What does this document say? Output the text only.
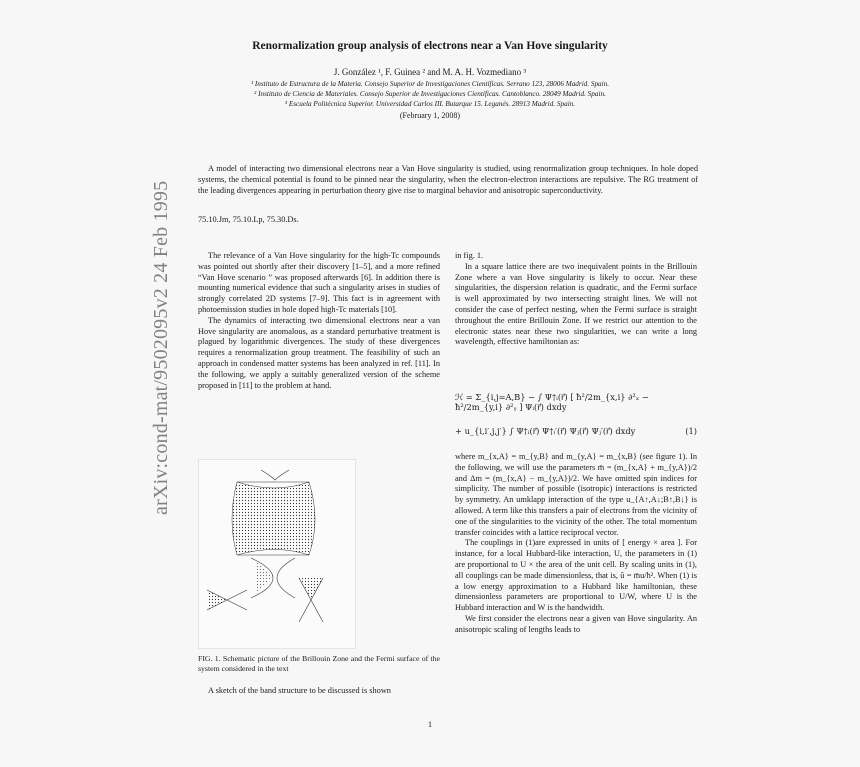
arXiv:cond-mat/9502095v2 24 Feb 1995
Renormalization group analysis of electrons near a Van Hove singularity
J. González ¹, F. Guinea ² and M. A. H. Vozmediano ³
¹ Instituto de Estructura de la Materia. Consejo Superior de Investigaciones Científicas. Serrano 123, 28006 Madrid. Spain.
² Instituto de Ciencia de Materiales. Consejo Superior de Investigaciones Científicas. Cantoblanco. 28049 Madrid. Spain.
³ Escuela Politécnica Superior. Universidad Carlos III. Butarque 15. Leganés. 28913 Madrid. Spain.
(February 1, 2008)
A model of interacting two dimensional electrons near a Van Hove singularity is studied, using renormalization group techniques. In hole doped systems, the chemical potential is found to be pinned near the singularity, when the electron-electron interactions are repulsive. The RG treatment of the leading divergences appearing in perturbation theory give rise to marginal behavior and anisotropic superconductivity.
75.10.Jm, 75.10.Lp, 75.30.Ds.

The relevance of a Van Hove singularity for the high-Tc compounds was pointed out shortly after their discovery [1–5], and a more refined “Van Hove scenario ” was proposed afterwards [6]. In addition there is mounting numerical evidence that such a singularity arises in studies of strongly correlated 2D systems [7–9]. This fact is in agreement with photoemission studies in hole doped high-Tc materials [10].

The dynamics of interacting two dimensional electrons near a van Hove singularity are anomalous, as a standard perturbative treatment is plagued by logarithmic divergences. The study of these divergences requires a renormalization group treatment. The feasibility of such an approach in condensed matter systems has been analyzed in ref. [11]. In the following, we apply a suitably generalized version of the scheme proposed in [11] to the problem at hand.

FIG. 1. Schematic picture of the Brillouin Zone and the Fermi surface of the system considered in the text
A sketch of the band structure to be discussed is shown

in fig. 1.

In a square lattice there are two inequivalent points in the Brillouin Zone where a van Hove singularity is likely to occur. Near these singularities, the dispersion relation is quadratic, and the Fermi surface is well approximated by two intersecting straight lines. We will not consider the case of perfect nesting, when the Fermi surface is straight throughout the entire Brillouin Zone. If we restrict our attention to the electronic states near these two singularities, we can write a long wavelength, effective hamiltonian as:

ℋ = Σ_{i,j=A,B} − ∫ Ψ†ᵢ(r⃗) [ ħ²/2m_{x,i} ∂²ₓ − ħ²/2m_{y,i} ∂²ᵧ ] Ψᵢ(r⃗) dxdy
+ u_{i,i′,j,j′} ∫ Ψ†ᵢ(r⃗) Ψ†ᵢ′(r⃗) Ψⱼ(r⃗) Ψⱼ′(r⃗) dxdy	(1)

where m_{x,A} = m_{y,B} and m_{y,A} = m_{x,B} (see figure 1). In the following, we will use the parameters m̄ = (m_{x,A} + m_{y,A})/2 and Δm = (m_{x,A} − m_{y,A})/2. We have omitted spin indices for simplicity. The number of possible (isotropic) interactions is restricted by symmetry. An umklapp interaction of the type u_{A↑,A↓;B↑,B↓} is allowed. A term like this transfers a pair of electrons from the vicinity of one of the singularities to the vicinity of the other. The total momentum transfer coincides with a lattice reciprocal vector.

The couplings in (1)are expressed in units of [ energy × area ]. For instance, for a local Hubbard-like interaction, U, the parameters in (1) are proportional to U × the area of the unit cell. By scaling units in (1), all couplings can be made dimensionless, that is, û = m̄u/ħ². When (1) is a low energy approximation to a Hubbard like hamiltonian, these dimensionless parameters are proportional to U/W, where U is the Hubbard interaction and W is the bandwidth.

We first consider the electrons near a given van Hove singularity. An anisotropic scaling of lengths leads to

1
